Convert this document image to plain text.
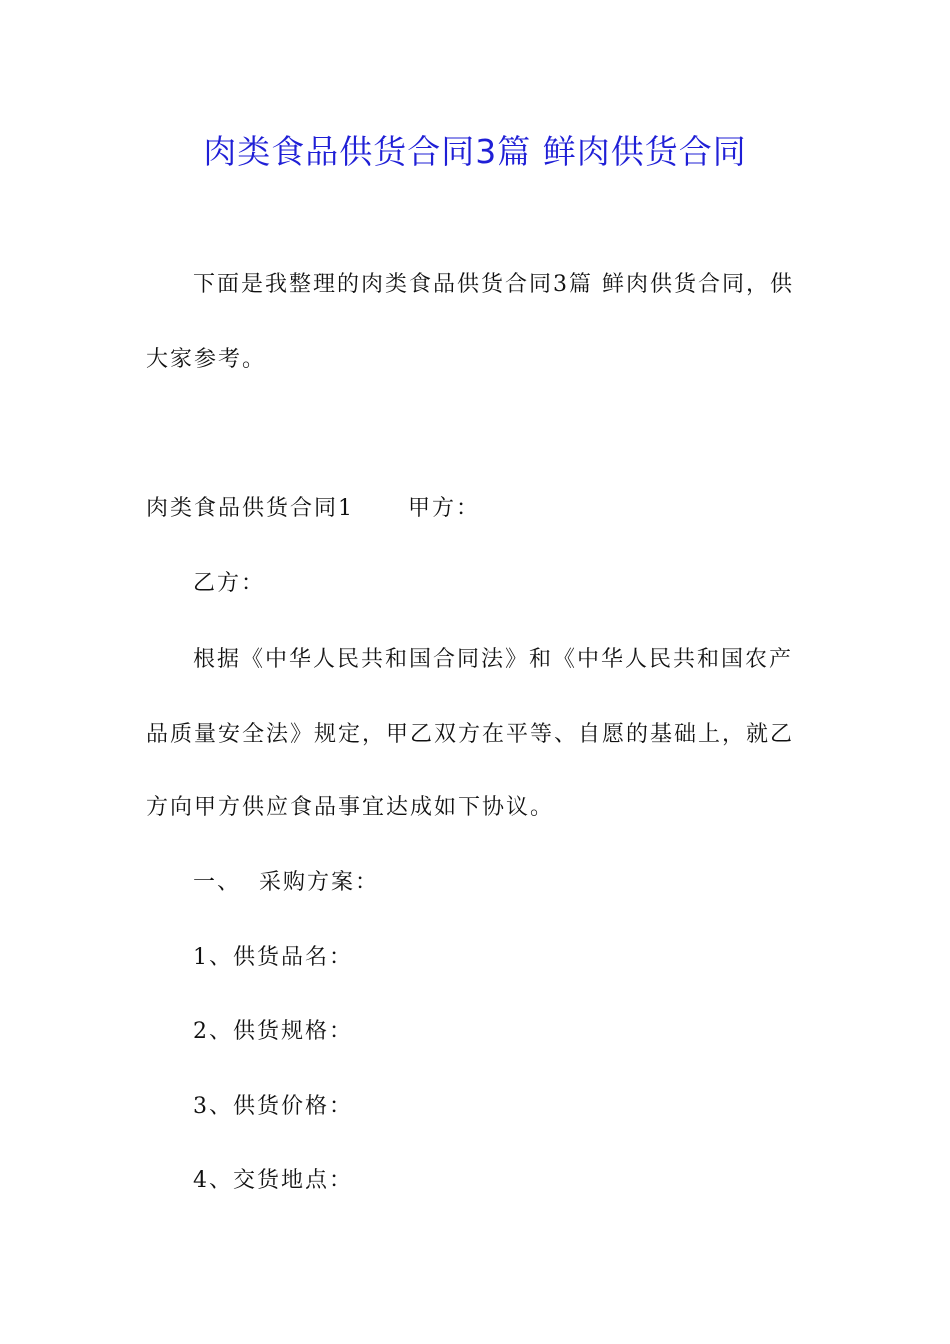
肉类食品供货合同3篇 鲜肉供货合同
下面是我整理的肉类食品供货合同3篇 鲜肉供货合同，供
大家参考。
肉类食品供货合同1 甲方：
乙方：
根据《中华人民共和国合同法》和《中华人民共和国农产
品质量安全法》规定，甲乙双方在平等、自愿的基础上，就乙
方向甲方供应食品事宜达成如下协议。
一、  采购方案：
1、供货品名：
2、供货规格：
3、供货价格：
4、交货地点：
